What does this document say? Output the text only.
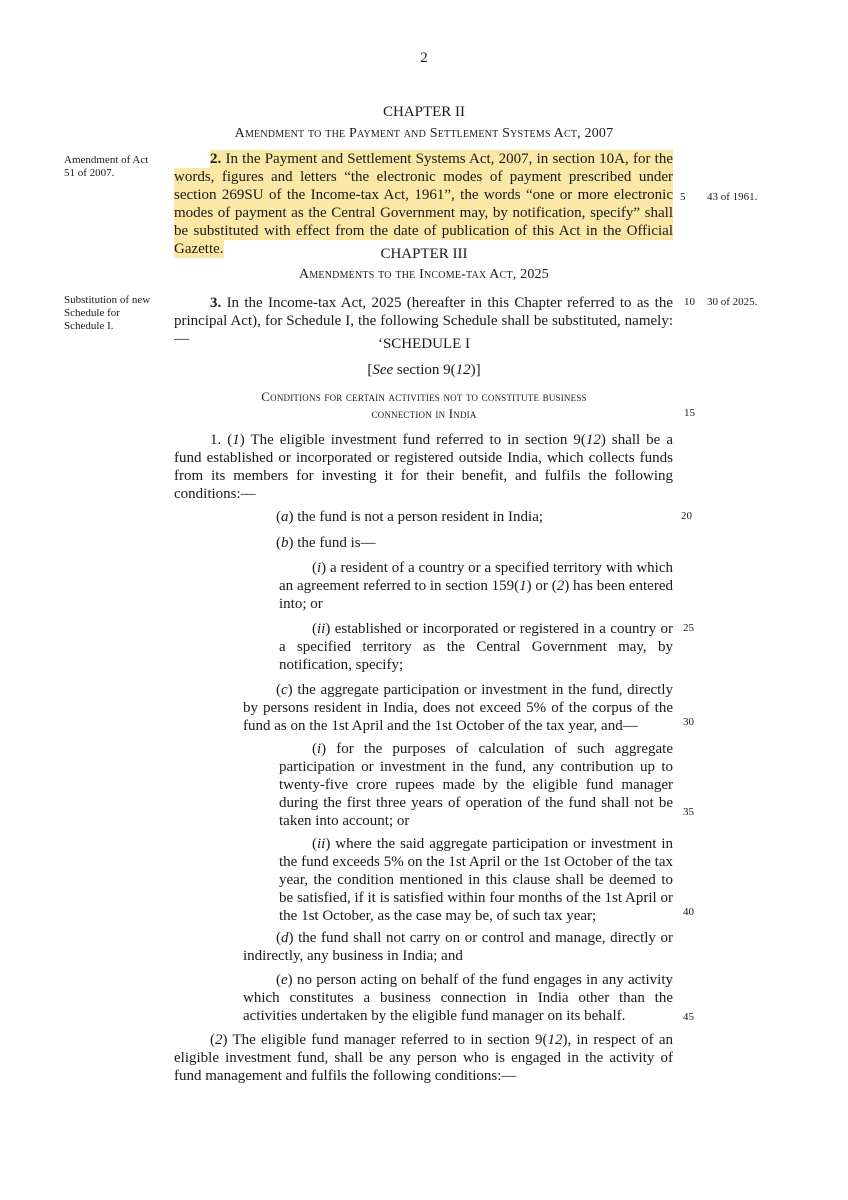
2
CHAPTER II
Amendment to the Payment and Settlement Systems Act, 2007
Amendment of Act 51 of 2007.

2. In the Payment and Settlement Systems Act, 2007, in section 10A, for the words, figures and letters “the electronic modes of payment prescribed under section 269SU of the Income-tax Act, 1961”, the words “one or more electronic modes of payment as the Central Government may, by notification, specify” shall be substituted with effect from the date of publication of this Act in the Official Gazette.

5 43 of 1961.
CHAPTER III
Amendments to the Income-tax Act, 2025
Substitution of new Schedule for Schedule I.

3. In the Income-tax Act, 2025 (hereafter in this Chapter referred to as the principal Act), for Schedule I, the following Schedule shall be substituted, namely:—

10 30 of 2025.
‘SCHEDULE I
[See section 9(12)]
Conditions for certain activities not to constitute business
connection in India	15

1. (1) The eligible investment fund referred to in section 9(12) shall be a fund established or incorporated or registered outside India, which collects funds from its members for investing it for their benefit, and fulfils the following conditions:—

(a) the fund is not a person resident in India;	20

(b) the fund is—

(i) a resident of a country or a specified territory with which an agreement referred to in section 159(1) or (2) has been entered into; or

(ii) established or incorporated or registered in a country or a specified territory as the Central Government may, by notification, specify;

25

(c) the aggregate participation or investment in the fund, directly by persons resident in India, does not exceed 5% of the corpus of the fund as on the 1st April and the 1st October of the tax year, and—	30

(i) for the purposes of calculation of such aggregate participation or investment in the fund, any contribution up to twenty-five crore rupees made by the eligible fund manager during the first three years of operation of the fund shall not be taken into account; or

35

(ii) where the said aggregate participation or investment in the fund exceeds 5% on the 1st April or the 1st October of the tax year, the condition mentioned in this clause shall be deemed to be satisfied, if it is satisfied within four months of the 1st April or the 1st October, as the case may be, of such tax year;	40

(d) the fund shall not carry on or control and manage, directly or indirectly, any business in India; and

(e) no person acting on behalf of the fund engages in any activity which constitutes a business connection in India other than the activities undertaken by the eligible fund manager on its behalf.	45

(2) The eligible fund manager referred to in section 9(12), in respect of an eligible investment fund, shall be any person who is engaged in the activity of fund management and fulfils the following conditions:—
